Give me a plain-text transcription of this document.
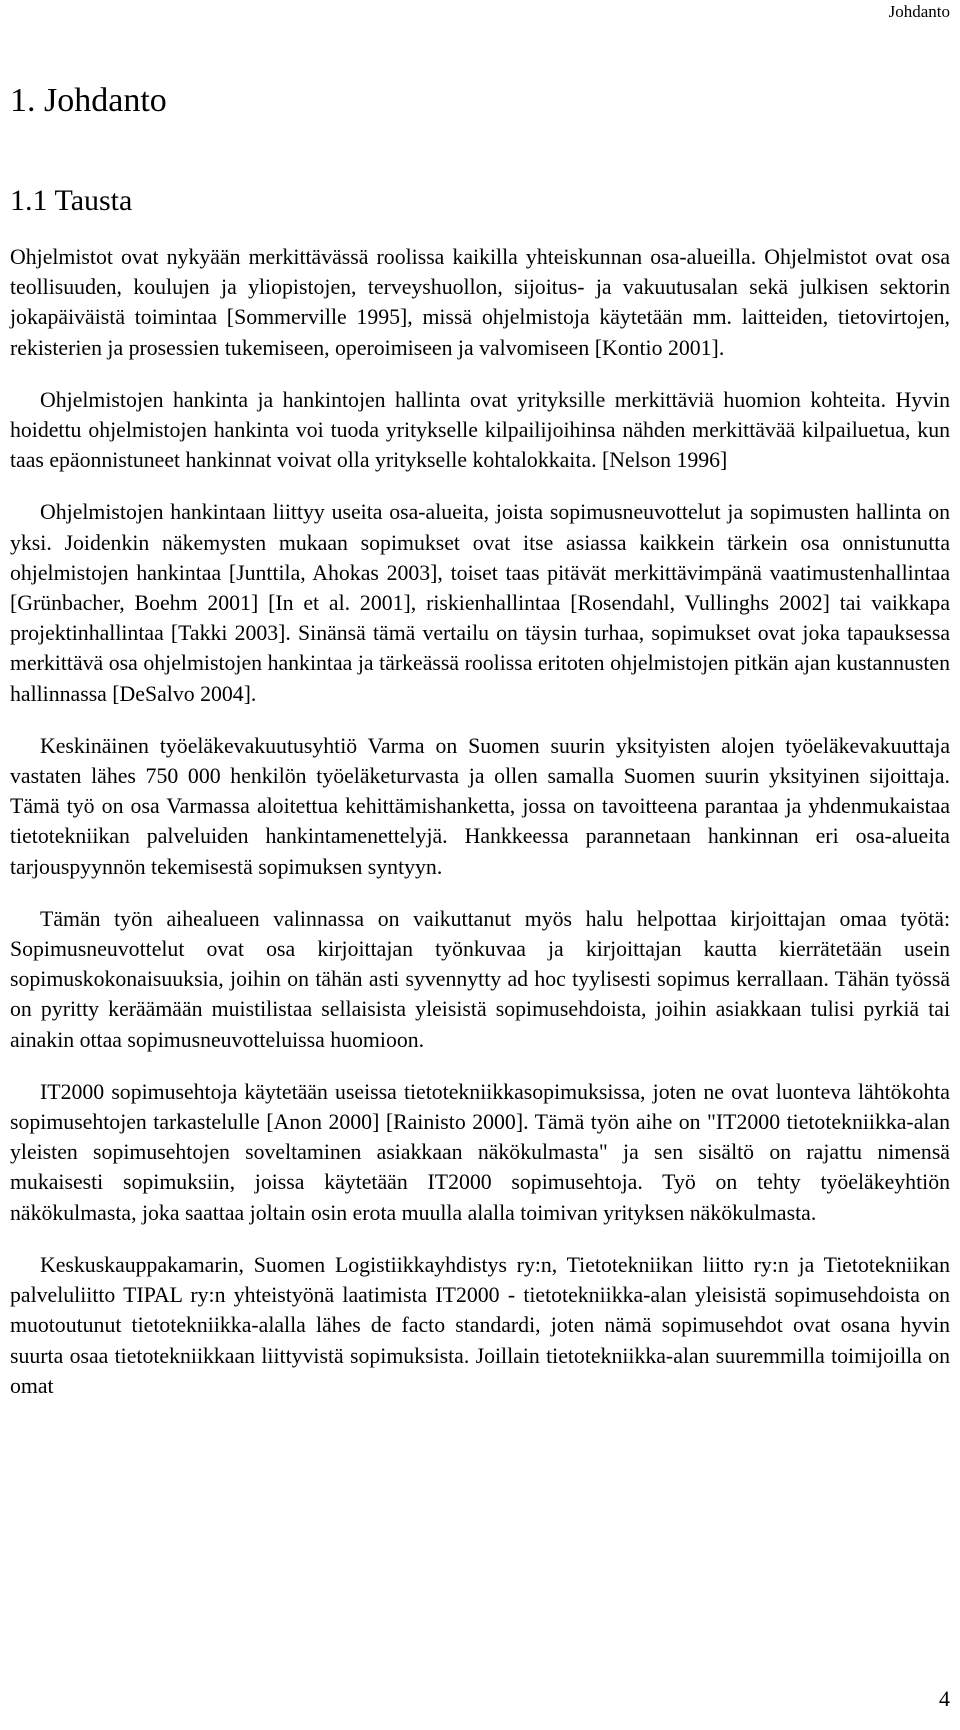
Johdanto
1. Johdanto
1.1 Tausta

Ohjelmistot ovat nykyään merkittävässä roolissa kaikilla yhteiskunnan osa-alueilla. Ohjelmistot ovat osa teollisuuden, koulujen ja yliopistojen, terveyshuollon, sijoitus- ja vakuutusalan sekä julkisen sektorin jokapäiväistä toimintaa [Sommerville 1995], missä ohjelmistoja käytetään mm. laitteiden, tietovirtojen, rekisterien ja prosessien tukemiseen, operoimiseen ja valvomiseen [Kontio 2001].

Ohjelmistojen hankinta ja hankintojen hallinta ovat yrityksille merkittäviä huomion kohteita. Hyvin hoidettu ohjelmistojen hankinta voi tuoda yritykselle kilpailijoihinsa nähden merkittävää kilpailuetua, kun taas epäonnistuneet hankinnat voivat olla yritykselle kohtalokkaita. [Nelson 1996]

Ohjelmistojen hankintaan liittyy useita osa-alueita, joista sopimusneuvottelut ja sopimusten hallinta on yksi. Joidenkin näkemysten mukaan sopimukset ovat itse asiassa kaikkein tärkein osa onnistunutta ohjelmistojen hankintaa [Junttila, Ahokas 2003], toiset taas pitävät merkittävimpänä vaatimustenhallintaa [Grünbacher, Boehm 2001] [In et al. 2001], riskienhallintaa [Rosendahl, Vullinghs 2002] tai vaikkapa projektinhallintaa [Takki 2003]. Sinänsä tämä vertailu on täysin turhaa, sopimukset ovat joka tapauksessa merkittävä osa ohjelmistojen hankintaa ja tärkeässä roolissa eritoten ohjelmistojen pitkän ajan kustannusten hallinnassa [DeSalvo 2004].

Keskinäinen työeläkevakuutusyhtiö Varma on Suomen suurin yksityisten alojen työeläkevakuuttaja vastaten lähes 750 000 henkilön työeläketurvasta ja ollen samalla Suomen suurin yksityinen sijoittaja. Tämä työ on osa Varmassa aloitettua kehittämishanketta, jossa on tavoitteena parantaa ja yhdenmukaistaa tietotekniikan palveluiden hankintamenettelyjä. Hankkeessa parannetaan hankinnan eri osa-alueita tarjouspyynnön tekemisestä sopimuksen syntyyn.

Tämän työn aihealueen valinnassa on vaikuttanut myös halu helpottaa kirjoittajan omaa työtä: Sopimusneuvottelut ovat osa kirjoittajan työnkuvaa ja kirjoittajan kautta kierrätetään usein sopimuskokonaisuuksia, joihin on tähän asti syvennytty ad hoc tyylisesti sopimus kerrallaan. Tähän työssä on pyritty keräämään muistilistaa sellaisista yleisistä sopimusehdoista, joihin asiakkaan tulisi pyrkiä tai ainakin ottaa sopimusneuvotteluissa huomioon.

IT2000 sopimusehtoja käytetään useissa tietotekniikkasopimuksissa, joten ne ovat luonteva lähtökohta sopimusehtojen tarkastelulle [Anon 2000] [Rainisto 2000]. Tämä työn aihe on "IT2000 tietotekniikka-alan yleisten sopimusehtojen soveltaminen asiakkaan näkökulmasta" ja sen sisältö on rajattu nimensä mukaisesti sopimuksiin, joissa käytetään IT2000 sopimusehtoja. Työ on tehty työeläkeyhtiön näkökulmasta, joka saattaa joltain osin erota muulla alalla toimivan yrityksen näkökulmasta.

Keskuskauppakamarin, Suomen Logistiikkayhdistys ry:n, Tietotekniikan liitto ry:n ja Tietotekniikan palveluliitto TIPAL ry:n yhteistyönä laatimista IT2000 - tietotekniikka-alan yleisistä sopimusehdoista on muotoutunut tietotekniikka-alalla lähes de facto standardi, joten nämä sopimusehdot ovat osana hyvin suurta osaa tietotekniikkaan liittyvistä sopimuksista. Joillain tietotekniikka-alan suuremmilla toimijoilla on omat

4
